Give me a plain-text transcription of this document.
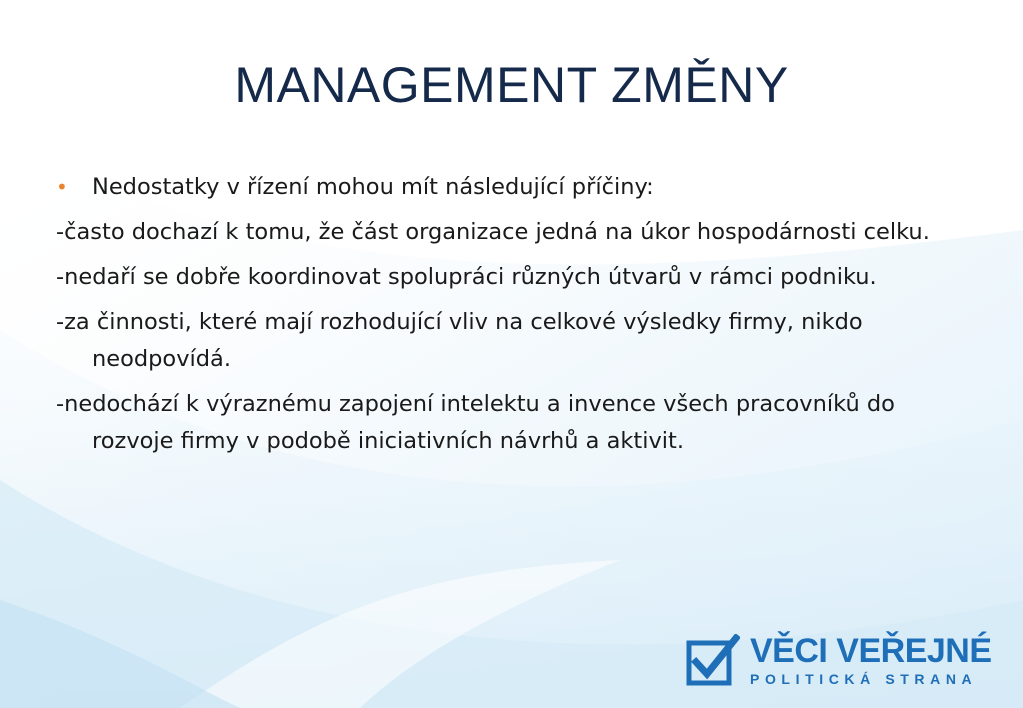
MANAGEMENT ZMĚNY
• Nedostatky v řízení mohou mít následující příčiny:
-často dochazí k tomu, že část organizace jedná na úkor hospodárnosti celku.
-nedaří se dobře koordinovat spolupráci různých útvarů v rámci podniku.
-za činnosti, které mají rozhodující vliv na celkové výsledky firmy, nikdo neodpovídá.
-nedochází k výraznému zapojení intelektu a invence všech pracovníků do rozvoje firmy v podobě iniciativních návrhů a aktivit.
VĚCI VEŘEJNÉ
POLITICKÁ STRANA
